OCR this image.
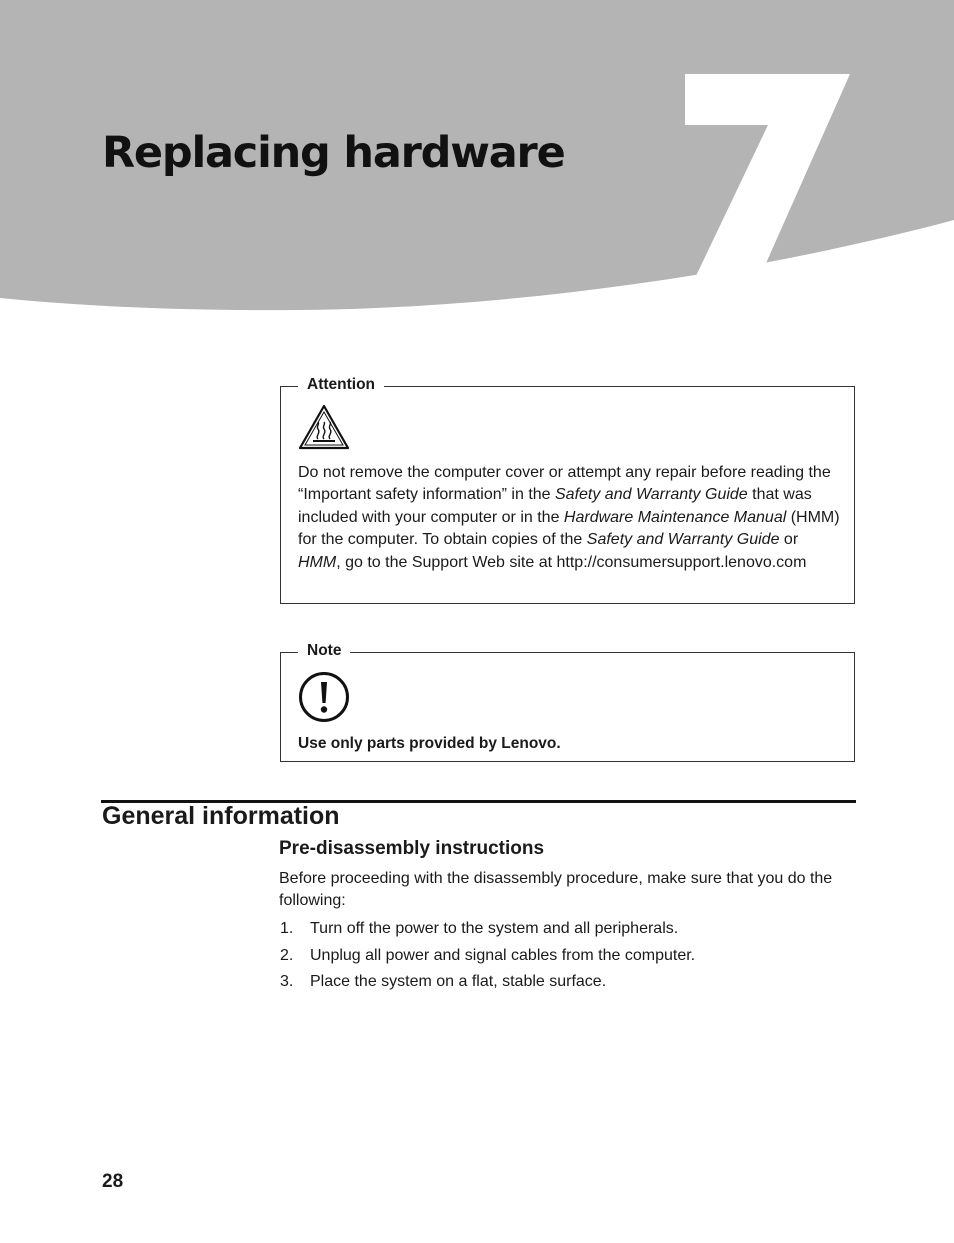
Replacing hardware
Attention
Do not remove the computer cover or attempt any repair before reading the “Important safety information” in the Safety and Warranty Guide that was included with your computer or in the Hardware Maintenance Manual (HMM) for the computer. To obtain copies of the Safety and Warranty Guide or HMM, go to the Support Web site at http://consumersupport.lenovo.com
Note
Use only parts provided by Lenovo.
General information
Pre-disassembly instructions

Before proceeding with the disassembly procedure, make sure that you do the following:

1. Turn off the power to the system and all peripherals.
2. Unplug all power and signal cables from the computer.
3. Place the system on a flat, stable surface.
28
